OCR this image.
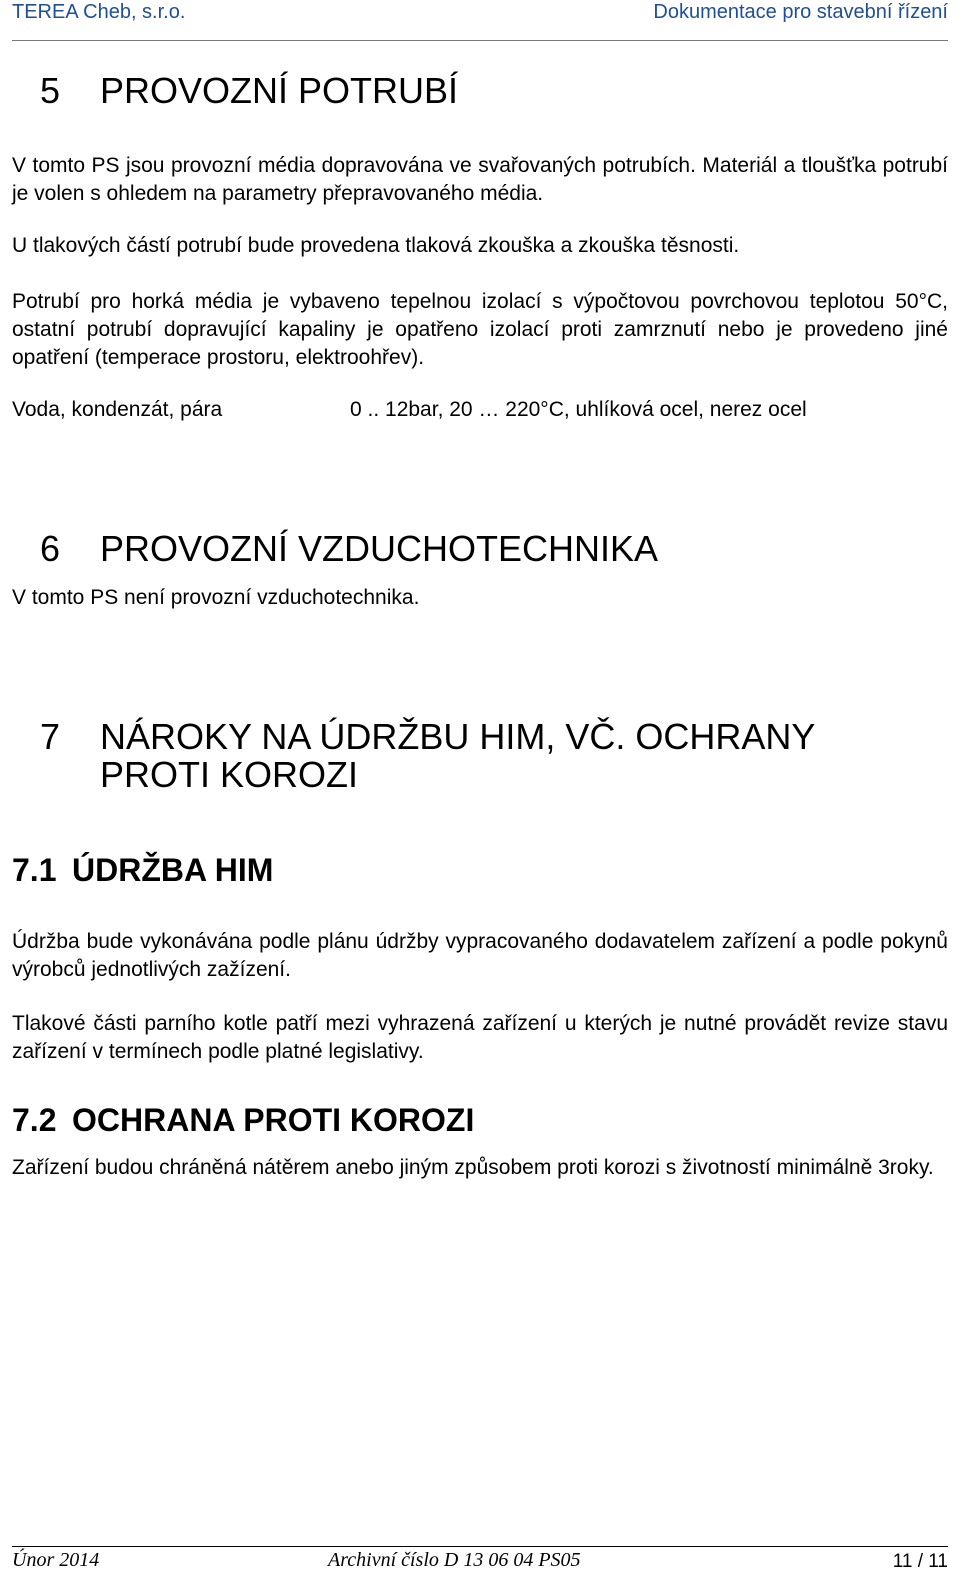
TEREA Cheb, s.r.o.	Dokumentace pro stavební řízení
5 PROVOZNÍ POTRUBÍ

V tomto PS jsou provozní média dopravována ve svařovaných potrubích. Materiál a tloušťka potrubí je volen s ohledem na parametry přepravovaného média.

U tlakových částí potrubí bude provedena tlaková zkouška a zkouška těsnosti.

Potrubí pro horká média je vybaveno tepelnou izolací s výpočtovou povrchovou teplotou 50°C, ostatní potrubí dopravující kapaliny je opatřeno izolací proti zamrznutí nebo je provedeno jiné opatření (temperace prostoru, elektroohřev).

Voda, kondenzát, pára	0 .. 12bar, 20 … 220°C, uhlíková ocel, nerez ocel
6 PROVOZNÍ VZDUCHOTECHNIKA

V tomto PS není provozní vzduchotechnika.

7 NÁROKY NA ÚDRŽBU HIM, VČ. OCHRANY
PROTI KOROZI
7.1 ÚDRŽBA HIM

Údržba bude vykonávána podle plánu údržby vypracovaného dodavatelem zařízení a podle pokynů výrobců jednotlivých zažízení.

Tlakové části parního kotle patří mezi vyhrazená zařízení u kterých je nutné provádět revize stavu zařízení v termínech podle platné legislativy.

7.2 OCHRANA PROTI KOROZI

Zařízení budou chráněná nátěrem anebo jiným způsobem proti korozi s životností minimálně 3roky.

Únor 2014	Archivní číslo D 13 06 04 PS05	11 / 11
